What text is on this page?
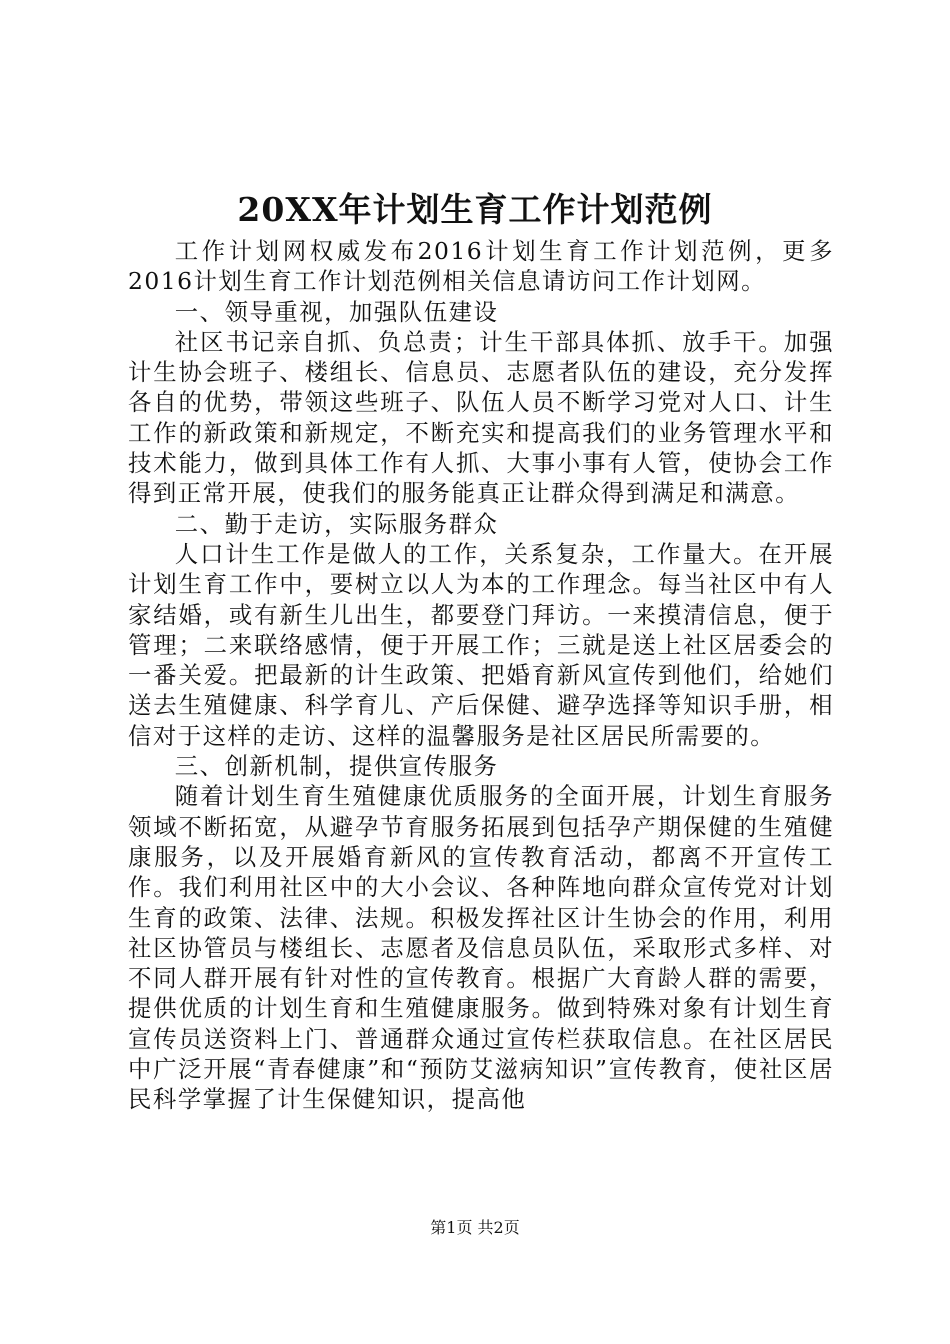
20XX年计划生育工作计划范例

工作计划网权威发布2016计划生育工作计划范例，更多2016计划生育工作计划范例相关信息请访问工作计划网。

一、领导重视，加强队伍建设

社区书记亲自抓、负总责；计生干部具体抓、放手干。加强计生协会班子、楼组长、信息员、志愿者队伍的建设，充分发挥各自的优势，带领这些班子、队伍人员不断学习党对人口、计生工作的新政策和新规定，不断充实和提高我们的业务管理水平和技术能力，做到具体工作有人抓、大事小事有人管，使协会工作得到正常开展，使我们的服务能真正让群众得到满足和满意。

二、勤于走访，实际服务群众

人口计生工作是做人的工作，关系复杂，工作量大。在开展计划生育工作中，要树立以人为本的工作理念。每当社区中有人家结婚，或有新生儿出生，都要登门拜访。一来摸清信息，便于管理；二来联络感情，便于开展工作；三就是送上社区居委会的一番关爱。把最新的计生政策、把婚育新风宣传到他们，给她们送去生殖健康、科学育儿、产后保健、避孕选择等知识手册，相信对于这样的走访、这样的温馨服务是社区居民所需要的。

三、创新机制，提供宣传服务

随着计划生育生殖健康优质服务的全面开展，计划生育服务领域不断拓宽，从避孕节育服务拓展到包括孕产期保健的生殖健康服务，以及开展婚育新风的宣传教育活动，都离不开宣传工作。我们利用社区中的大小会议、各种阵地向群众宣传党对计划生育的政策、法律、法规。积极发挥社区计生协会的作用，利用社区协管员与楼组长、志愿者及信息员队伍，采取形式多样、对不同人群开展有针对性的宣传教育。根据广大育龄人群的需要，提供优质的计划生育和生殖健康服务。做到特殊对象有计划生育宣传员送资料上门、普通群众通过宣传栏获取信息。在社区居民中广泛开展“青春健康”和“预防艾滋病知识”宣传教育，使社区居民科学掌握了计生保健知识，提高他

第1页 共2页
